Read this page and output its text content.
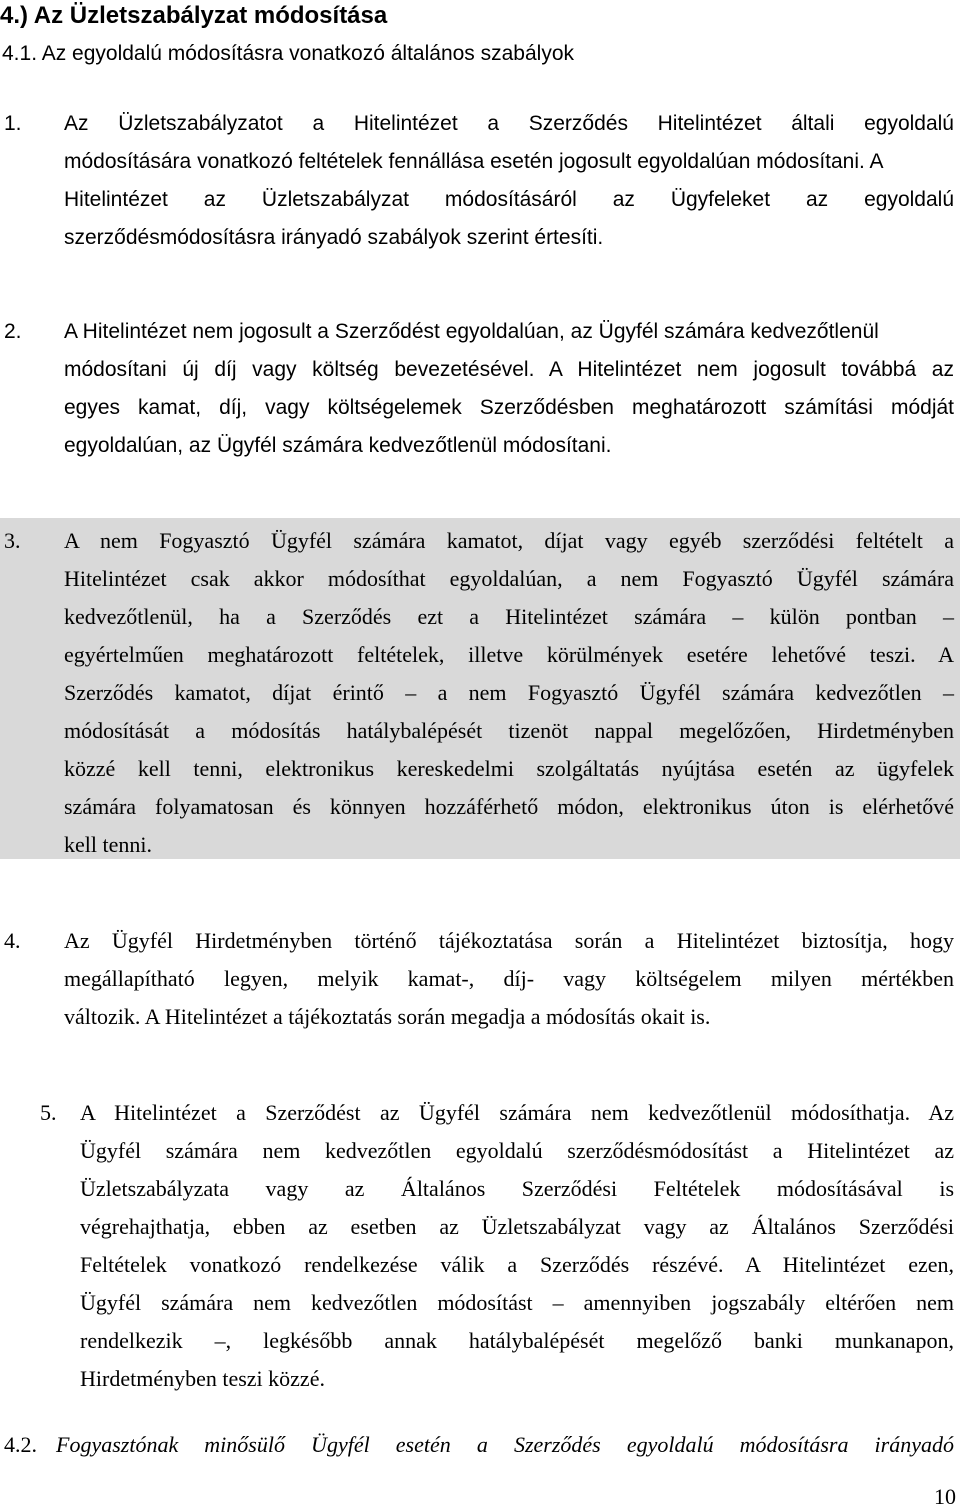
4.) Az Üzletszabályzat módosítása
4.1. Az egyoldalú módosításra vonatkozó általános szabályok
1. Az Üzletszabályzatot a Hitelintézet a Szerződés Hitelintézet általi egyoldalú
módosítására vonatkozó feltételek fennállása esetén jogosult egyoldalúan módosítani. A
Hitelintézet az Üzletszabályzat módosításáról az Ügyfeleket az egyoldalú
szerződésmódosításra irányadó szabályok szerint értesíti.
2. A Hitelintézet nem jogosult a Szerződést egyoldalúan, az Ügyfél számára kedvezőtlenül
módosítani új díj vagy költség bevezetésével. A Hitelintézet nem jogosult továbbá az
egyes kamat, díj, vagy költségelemek Szerződésben meghatározott számítási módját
egyoldalúan, az Ügyfél számára kedvezőtlenül módosítani.
3. A nem Fogyasztó Ügyfél számára kamatot, díjat vagy egyéb szerződési feltételt a
Hitelintézet csak akkor módosíthat egyoldalúan, a nem Fogyasztó Ügyfél számára
kedvezőtlenül, ha a Szerződés ezt a Hitelintézet számára – külön pontban –
egyértelműen meghatározott feltételek, illetve körülmények esetére lehetővé teszi. A
Szerződés kamatot, díjat érintő – a nem Fogyasztó Ügyfél számára kedvezőtlen –
módosítását a módosítás hatálybalépését tizenöt nappal megelőzően, Hirdetményben
közzé kell tenni, elektronikus kereskedelmi szolgáltatás nyújtása esetén az ügyfelek
számára folyamatosan és könnyen hozzáférhető módon, elektronikus úton is elérhetővé
kell tenni.
4. Az Ügyfél Hirdetményben történő tájékoztatása során a Hitelintézet biztosítja, hogy
megállapítható legyen, melyik kamat-, díj- vagy költségelem milyen mértékben
változik. A Hitelintézet a tájékoztatás során megadja a módosítás okait is.
5. A Hitelintézet a Szerződést az Ügyfél számára nem kedvezőtlenül módosíthatja. Az
Ügyfél számára nem kedvezőtlen egyoldalú szerződésmódosítást a Hitelintézet az
Üzletszabályzata vagy az Általános Szerződési Feltételek módosításával is
végrehajthatja, ebben az esetben az Üzletszabályzat vagy az Általános Szerződési
Feltételek vonatkozó rendelkezése válik a Szerződés részévé. A Hitelintézet ezen,
Ügyfél számára nem kedvezőtlen módosítást – amennyiben jogszabály eltérően nem
rendelkezik –, legkésőbb annak hatálybalépését megelőző banki munkanapon,
Hirdetményben teszi közzé.
4.2. Fogyasztónak minősülő Ügyfél esetén a Szerződés egyoldalú módosításra irányadó
10
